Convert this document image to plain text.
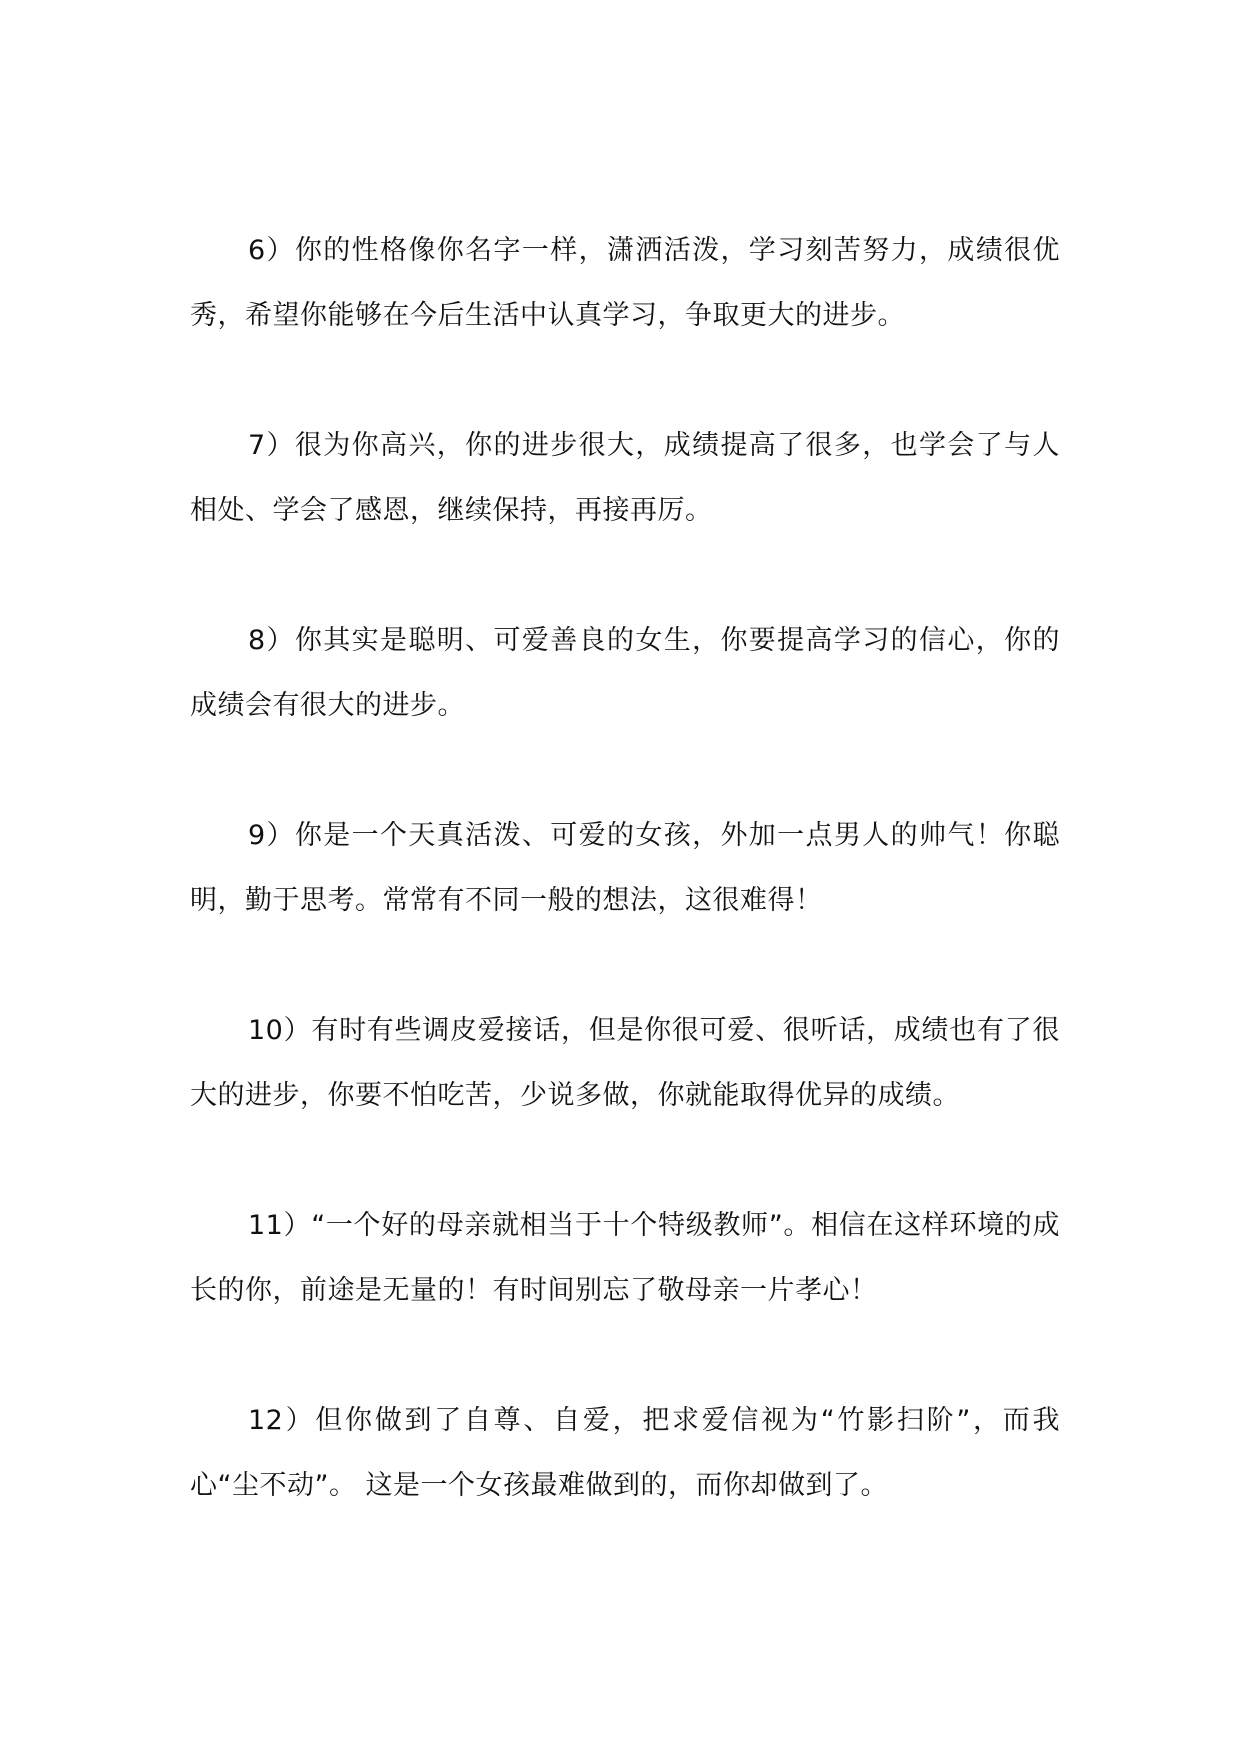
6）你的性格像你名字一样，潇洒活泼，学习刻苦努力，成绩很优秀，希望你能够在今后生活中认真学习，争取更大的进步。

7）很为你高兴，你的进步很大，成绩提高了很多，也学会了与人相处、学会了感恩，继续保持，再接再厉。

8）你其实是聪明、可爱善良的女生，你要提高学习的信心，你的成绩会有很大的进步。

9）你是一个天真活泼、可爱的女孩，外加一点男人的帅气！你聪明，勤于思考。常常有不同一般的想法，这很难得！

10）有时有些调皮爱接话，但是你很可爱、很听话，成绩也有了很大的进步，你要不怕吃苦，少说多做，你就能取得优异的成绩。

11）“一个好的母亲就相当于十个特级教师”。相信在这样环境的成长的你，前途是无量的！有时间别忘了敬母亲一片孝心！

12）但你做到了自尊、自爱，把求爱信视为“竹影扫阶”，而我心“尘不动”。 这是一个女孩最难做到的，而你却做到了。
